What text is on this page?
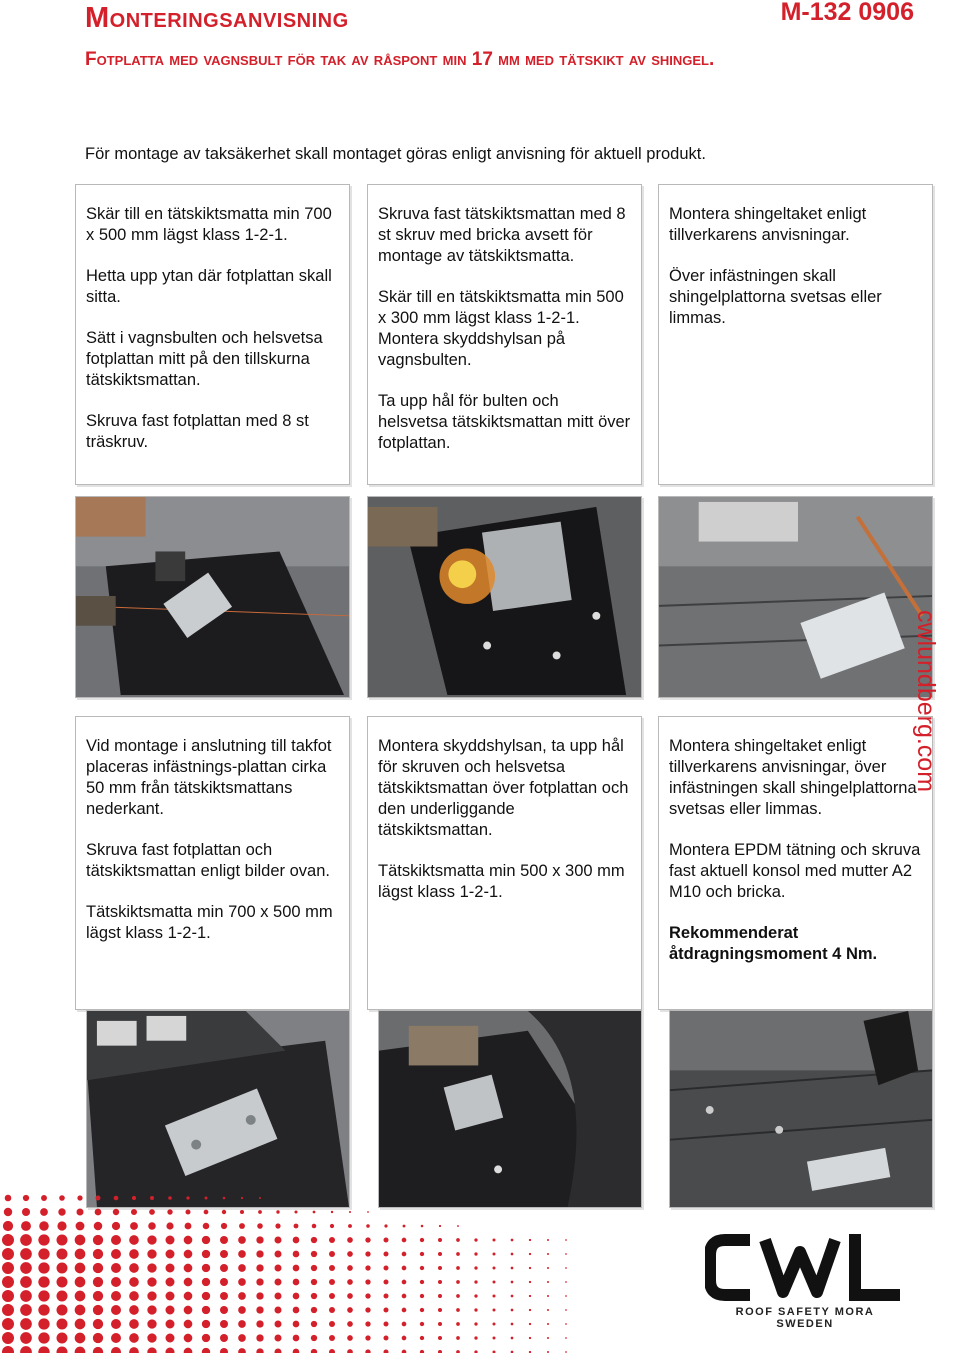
Monteringsanvisning	M-132 0906
Fotplatta med vagnsbult för tak av råspont min 17 mm med tätskikt av shingel.
För montage av taksäkerhet skall montaget göras enligt anvisning för aktuell produkt.

Skär till en tätskiktsmatta min 700 x 500 mm lägst klass 1-2-1.

Hetta upp ytan där fotplattan skall sitta.

Sätt i vagnsbulten och helsvetsa fotplattan mitt på den tillskurna tätskiktsmattan.

Skruva fast fotplattan med 8 st träskruv.

Skruva fast tätskiktsmattan med 8 st skruv med bricka avsett för montage av tätskiktsmatta.

Skär till en tätskiktsmatta min 500 x 300 mm lägst klass 1-2-1. Montera skyddshylsan på vagnsbulten.

Ta upp hål för bulten och helsvetsa tätskiktsmattan mitt över fotplattan.

Montera shingeltaket enligt tillverkarens anvisningar.

Över infästningen skall shingelplattorna svetsas eller limmas.

Vid montage i anslutning till takfot placeras infästnings-plattan cirka 50 mm från tätskiktsmattans nederkant.

Skruva fast fotplattan och tätskiktsmattan enligt bilder ovan.

Tätskiktsmatta min 700 x 500 mm lägst klass 1-2-1.

Montera skyddshylsan, ta upp hål för skruven och helsvetsa tätskiktsmattan över fotplattan och den underliggande tätskiktsmattan.

Tätskiktsmatta min 500 x 300 mm lägst klass 1-2-1.

Montera shingeltaket enligt tillverkarens anvisningar, över infästningen skall shingelplattorna svetsas eller limmas.

Montera EPDM tätning och skruva fast aktuell konsol med mutter A2 M10 och bricka.

Rekommenderat åtdragningsmoment 4 Nm.

cwlundberg.com
ROOF SAFETY MORA SWEDEN
